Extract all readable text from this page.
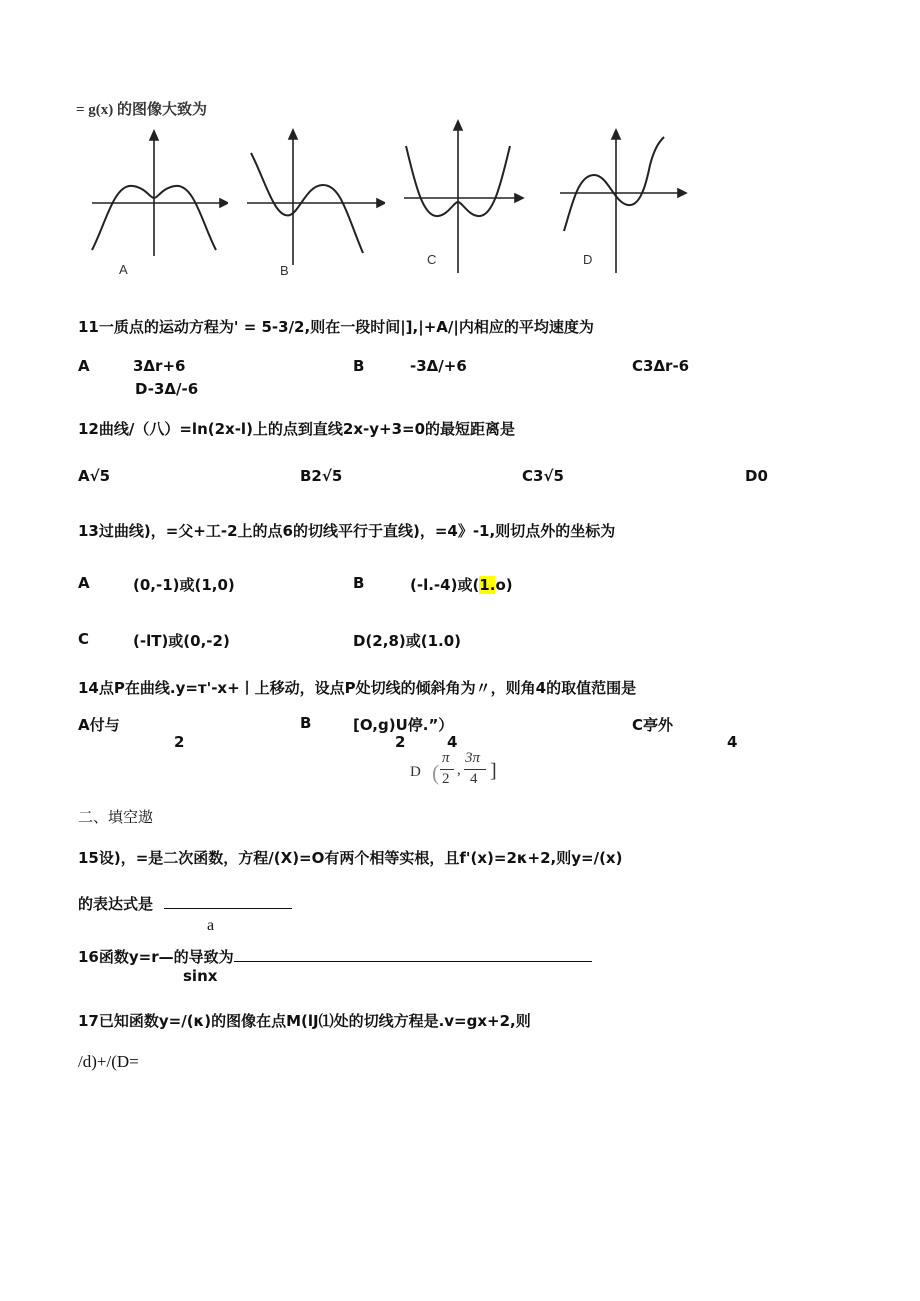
= g(x) 的图像大致为
A	B
C	D
11一质点的运动方程为' = 5-3/2,则在一段时间|],|+A/|内相应的平均速度为
A	3Δr+6	B	-3Δ/+6	C3Δr-6
D-3Δ/-6
12曲线/（八）=ln(2x-l)上的点到直线2x-y+3=0的最短距离是
A√5	B2√5	C3√5	D0
13过曲线)，=父+工-2上的点6的切线平行于直线)，=4》-1,则切点外的坐标为
A	(0,-1)或(1,0)	B	(-l.-4)或(1.o)
C	(-lT)或(0,-2)	D(2,8)或(1.0)
14点P在曲线.y=т'-x+丨上移动，设点P处切线的倾斜角为〃，则角4的取值范围是
A付与
2
B	[O,g)U停.”）
2	4
C亭外
4
D (
π
2
,
3π
4 ]
二、填空遨
15设)，=是二次函数，方程/(X)=O有两个相等实根，且f'(x)=2κ+2,则y=/(x)
的表达式是
a
16函数y=r—的导致为
sinx
17已知函数y=/(κ)的图像在点M(lJ⑴处的切线方程是.v=gx+2,则
/d)+/(D=
